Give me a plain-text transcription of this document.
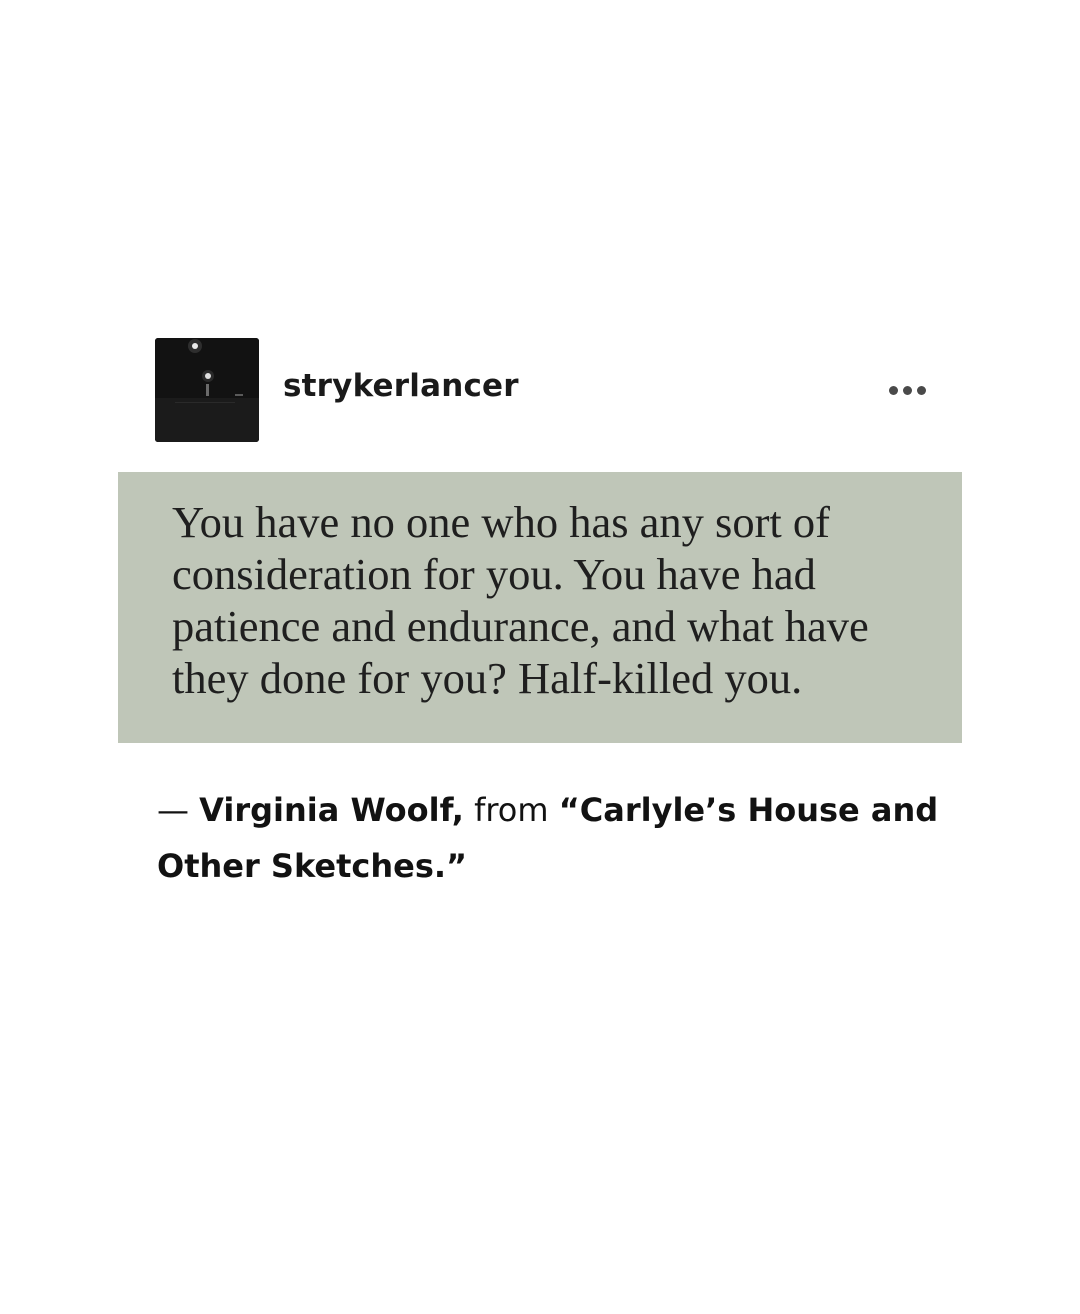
strykerlancer

You have no one who has any sort of consideration for you. You have had patience and endurance, and what have they done for you? Half-killed you.

— Virginia Woolf, from “Carlyle’s House and Other Sketches.”
